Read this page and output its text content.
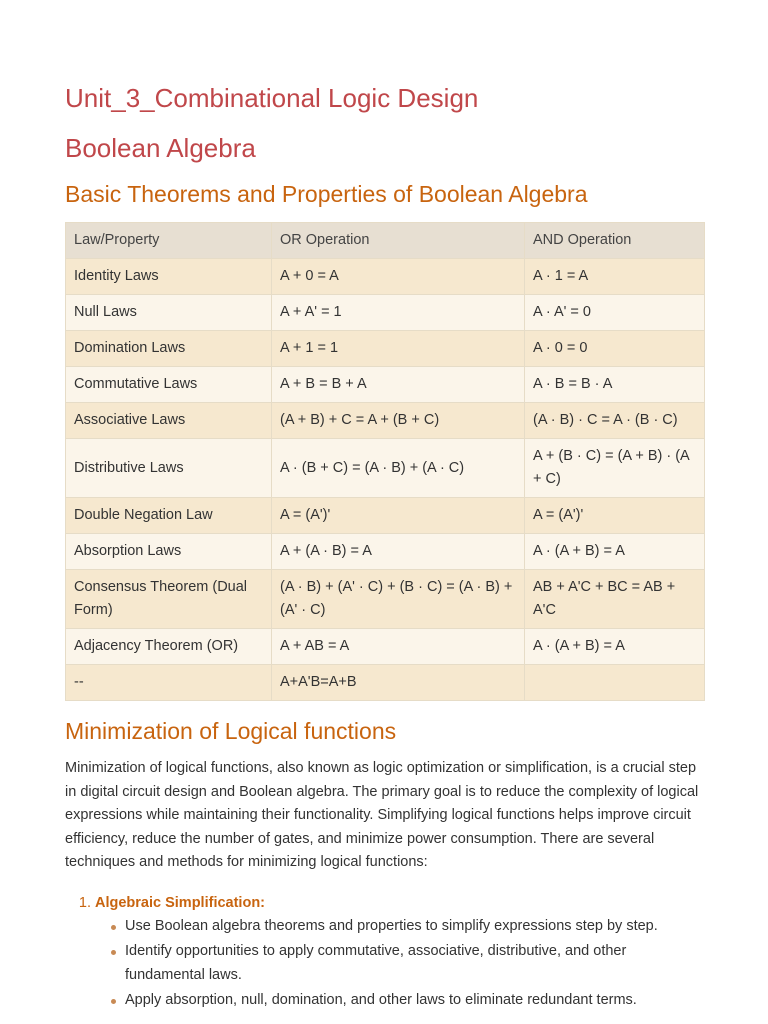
Unit_3_Combinational Logic Design
Boolean Algebra
Basic Theorems and Properties of Boolean Algebra
Law/Property	OR Operation	AND Operation
Identity Laws	A + 0 = A	A · 1 = A
Null Laws	A + A' = 1	A · A' = 0
Domination Laws	A + 1 = 1	A · 0 = 0
Commutative Laws	A + B = B + A	A · B = B · A
Associative Laws	(A + B) + C = A + (B + C)	(A · B) · C = A · (B · C)
Distributive Laws	A · (B + C) = (A · B) + (A · C)	A + (B · C) = (A + B) · (A + C)
Double Negation Law	A = (A')'	A = (A')'
Absorption Laws	A + (A · B) = A	A · (A + B) = A
Consensus Theorem (Dual Form)	(A · B) + (A' · C) + (B · C) = (A · B) + (A' · C)	AB + A'C + BC = AB + A'C
Adjacency Theorem (OR)	A + AB = A	A · (A + B) = A
--	A+A'B=A+B	
Minimization of Logical functions

Minimization of logical functions, also known as logic optimization or simplification, is a crucial step in digital circuit design and Boolean algebra. The primary goal is to reduce the complexity of logical expressions while maintaining their functionality. Simplifying logical functions helps improve circuit efficiency, reduce the number of gates, and minimize power consumption. There are several techniques and methods for minimizing logical functions:

1. Algebraic Simplification:
Use Boolean algebra theorems and properties to simplify expressions step by step.
Identify opportunities to apply commutative, associative, distributive, and other fundamental laws.
Apply absorption, null, domination, and other laws to eliminate redundant terms.
